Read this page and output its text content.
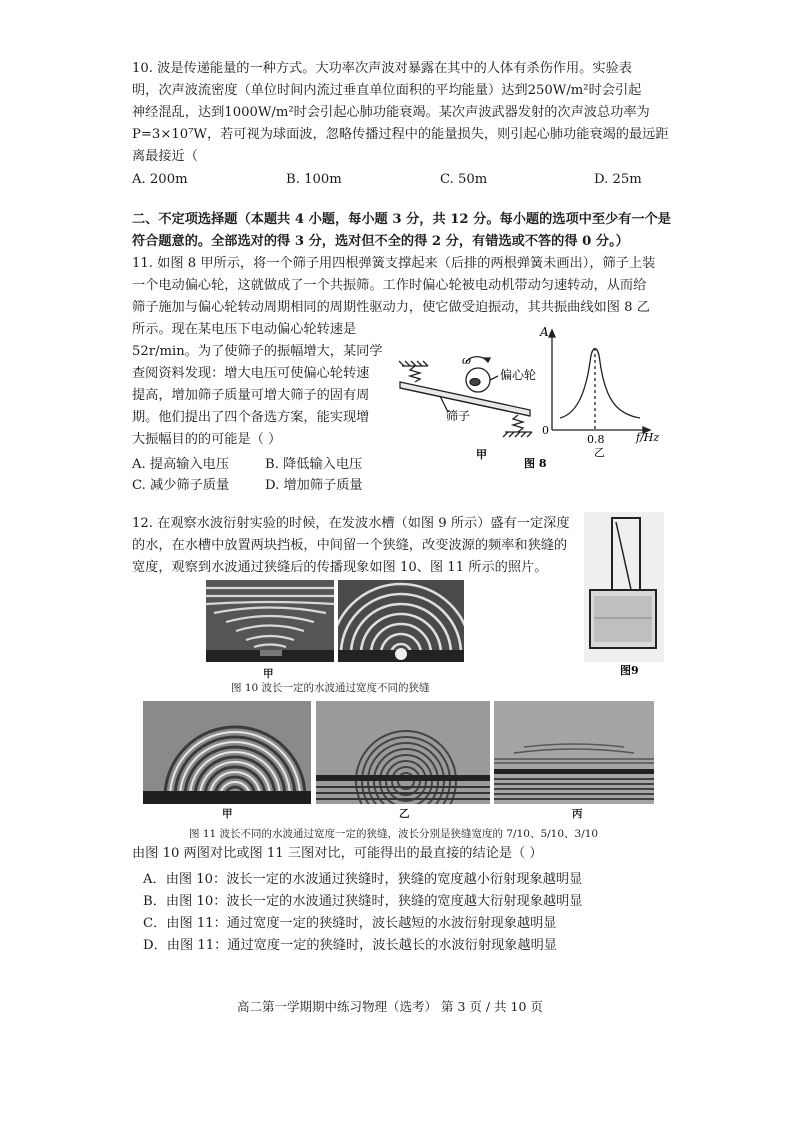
10. 波是传递能量的一种方式。大功率次声波对暴露在其中的人体有杀伤作用。实验表
明，次声波流密度（单位时间内流过垂直单位面积的平均能量）达到250W/m²时会引起
神经混乱，达到1000W/m²时会引起心肺功能衰竭。某次声波武器发射的次声波总功率为
P=3×10⁷W，若可视为球面波，忽略传播过程中的能量损失，则引起心肺功能衰竭的最远距
离最接近（
A. 200m	B. 100m	C. 50m	D. 25m
二、不定项选择题（本题共 4 小题，每小题 3 分，共 12 分。每小题的选项中至少有一个是
符合题意的。全部选对的得 3 分，选对但不全的得 2 分，有错选或不答的得 0 分。）
11. 如图 8 甲所示，将一个筛子用四根弹簧支撑起来（后排的两根弹簧未画出），筛子上装
一个电动偏心轮，这就做成了一个共振筛。工作时偏心轮被电动机带动匀速转动，从而给
筛子施加与偏心轮转动周期相同的周期性驱动力，使它做受迫振动，其共振曲线如图 8 乙
所示。现在某电压下电动偏心轮转速是
52r/min。为了使筛子的振幅增大，某同学
查阅资料发现：增大电压可使偏心轮转速
提高，增加筛子质量可增大筛子的固有周
期。他们提出了四个备选方案，能实现增
大振幅目的的可能是（ ）
A. 提高输入电压	B. 降低输入电压
C. 减少筛子质量	D. 增加筛子质量
ω
偏心轮
筛子
甲
A
0
0.8	f/Hz
乙
图 8
12. 在观察水波衍射实验的时候，在发波水槽（如图 9 所示）盛有一定深度
的水，在水槽中放置两块挡板，中间留一个狭缝，改变波源的频率和狭缝的
宽度，观察到水波通过狭缝后的传播现象如图 10、图 11 所示的照片。
图9
甲
图 10 波长一定的水波通过宽度不同的狭缝
甲	乙	丙
图 11 波长不同的水波通过宽度一定的狭缝，波长分别是狭缝宽度的 7/10、5/10、3/10
由图 10 两图对比或图 11 三图对比，可能得出的最直接的结论是（ ）
A．由图 10：波长一定的水波通过狭缝时，狭缝的宽度越小衍射现象越明显
B．由图 10：波长一定的水波通过狭缝时，狭缝的宽度越大衍射现象越明显
C．由图 11：通过宽度一定的狭缝时，波长越短的水波衍射现象越明显
D．由图 11：通过宽度一定的狭缝时，波长越长的水波衍射现象越明显
高二第一学期期中练习物理（选考） 第 3 页 / 共 10 页
